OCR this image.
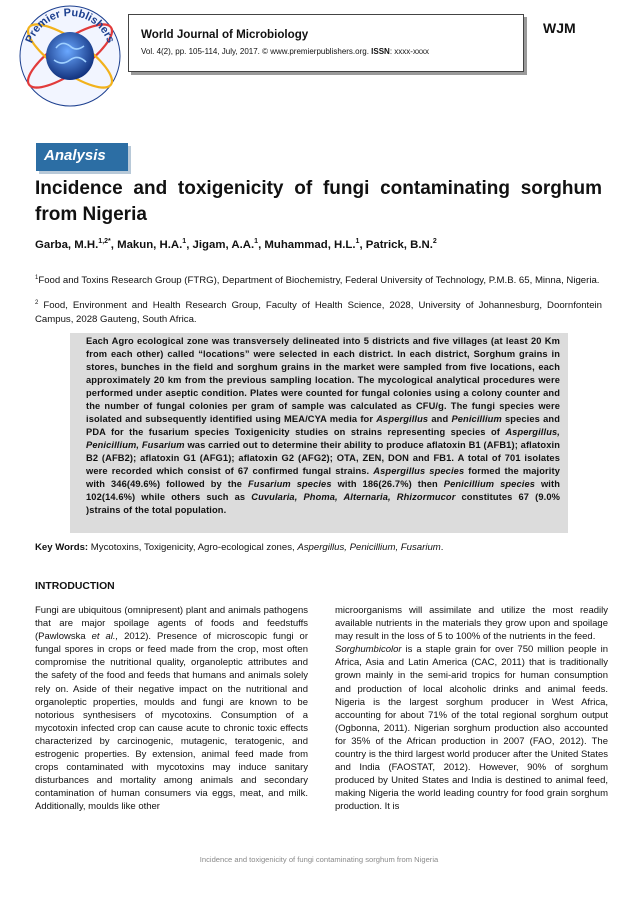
Premier Publishers World Journal of Microbiology
Vol. 4(2), pp. 105-114, July, 2017. © www.premierpublishers.org. ISSN: xxxx-xxxx
WJM
Analysis
Incidence and toxigenicity of fungi contaminating sorghum from Nigeria
Garba, M.H.$^{1,2*}$, Makun, H.A.$^1$, Jigam, A.A.$^1$, Muhammad, H.L.$^1$, Patrick, B.N.$^2$
$^1$Food and Toxins Research Group (FTRG), Department of Biochemistry, Federal University of Technology, P.M.B. 65, Minna, Nigeria.
$^2$ Food, Environment and Health Research Group, Faculty of Health Science, 2028, University of Johannesburg, Doornfontein Campus, 2028 Gauteng, South Africa.

Each Agro ecological zone was transversely delineated into 5 districts and five villages (at least 20 Km from each other) called “locations” were selected in each district. In each district, Sorghum grains in stores, bunches in the field and sorghum grains in the market were sampled from five locations, each approximately 20 km from the previous sampling location. The mycological analytical procedures were performed under aseptic condition. Plates were counted for fungal colonies using a colony counter and the number of fungal colonies per gram of sample was calculated as CFU/g. The fungi species were isolated and subsequently identified using MEA/CYA media for Aspergillus and Penicillium species and PDA for the fusarium species Toxigenicity studies on strains representing species of Aspergillus, Penicillium, Fusarium was carried out to determine their ability to produce aflatoxin B1 (AFB1); aflatoxin B2 (AFB2); aflatoxin G1 (AFG1); aflatoxin G2 (AFG2); OTA, ZEN, DON and FB1. A total of 701 isolates were recorded which consist of 67 confirmed fungal strains. Aspergillus species formed the majority with 346(49.6%) followed by the Fusarium species with 186(26.7%) then Penicillium species with 102(14.6%) while others such as Cuvularia, Phoma, Alternaria, Rhizormucor constitutes 67 (9.0% )strains of the total population.

Key Words: Mycotoxins, Toxigenicity, Agro-ecological zones, Aspergillus, Penicillium, Fusarium.
INTRODUCTION

Fungi are ubiquitous (omnipresent) plant and animals pathogens that are major spoilage agents of foods and feedstuffs (Pawlowska et al., 2012). Presence of microscopic fungi or fungal spores in crops or feed made from the crop, most often compromise the nutritional quality, organoleptic attributes and the safety of the food and feeds that humans and animals solely rely on. Aside of their negative impact on the nutritional and organoleptic properties, moulds and fungi are known to be notorious synthesisers of mycotoxins. Consumption of a mycotoxin infected crop can cause acute to chronic toxic effects characterized by carcinogenic, mutagenic, teratogenic, and estrogenic properties. By extension, animal feed made from crops contaminated with mycotoxins may induce sanitary disturbances and mortality among animals and secondary contamination of human consumers via eggs, meat, and milk. Additionally, moulds like other

microorganisms will assimilate and utilize the most readily available nutrients in the materials they grow upon and spoilage may result in the loss of 5 to 100% of the nutrients in the feed.

Sorghumbicolor is a staple grain for over 750 million people in Africa, Asia and Latin America (CAC, 2011) that is traditionally grown mainly in the semi-arid tropics for human consumption and production of local alcoholic drinks and animal feeds. Nigeria is the largest sorghum producer in West Africa, accounting for about 71% of the total regional sorghum output (Ogbonna, 2011). Nigerian sorghum production also accounted for 35% of the African production in 2007 (FAO, 2012). The country is the third largest world producer after the United States and India (FAOSTAT, 2012). However, 90% of sorghum produced by United States and India is destined to animal feed, making Nigeria the world leading country for food grain sorghum production. It is

Incidence and toxigenicity of fungi contaminating sorghum from Nigeria
